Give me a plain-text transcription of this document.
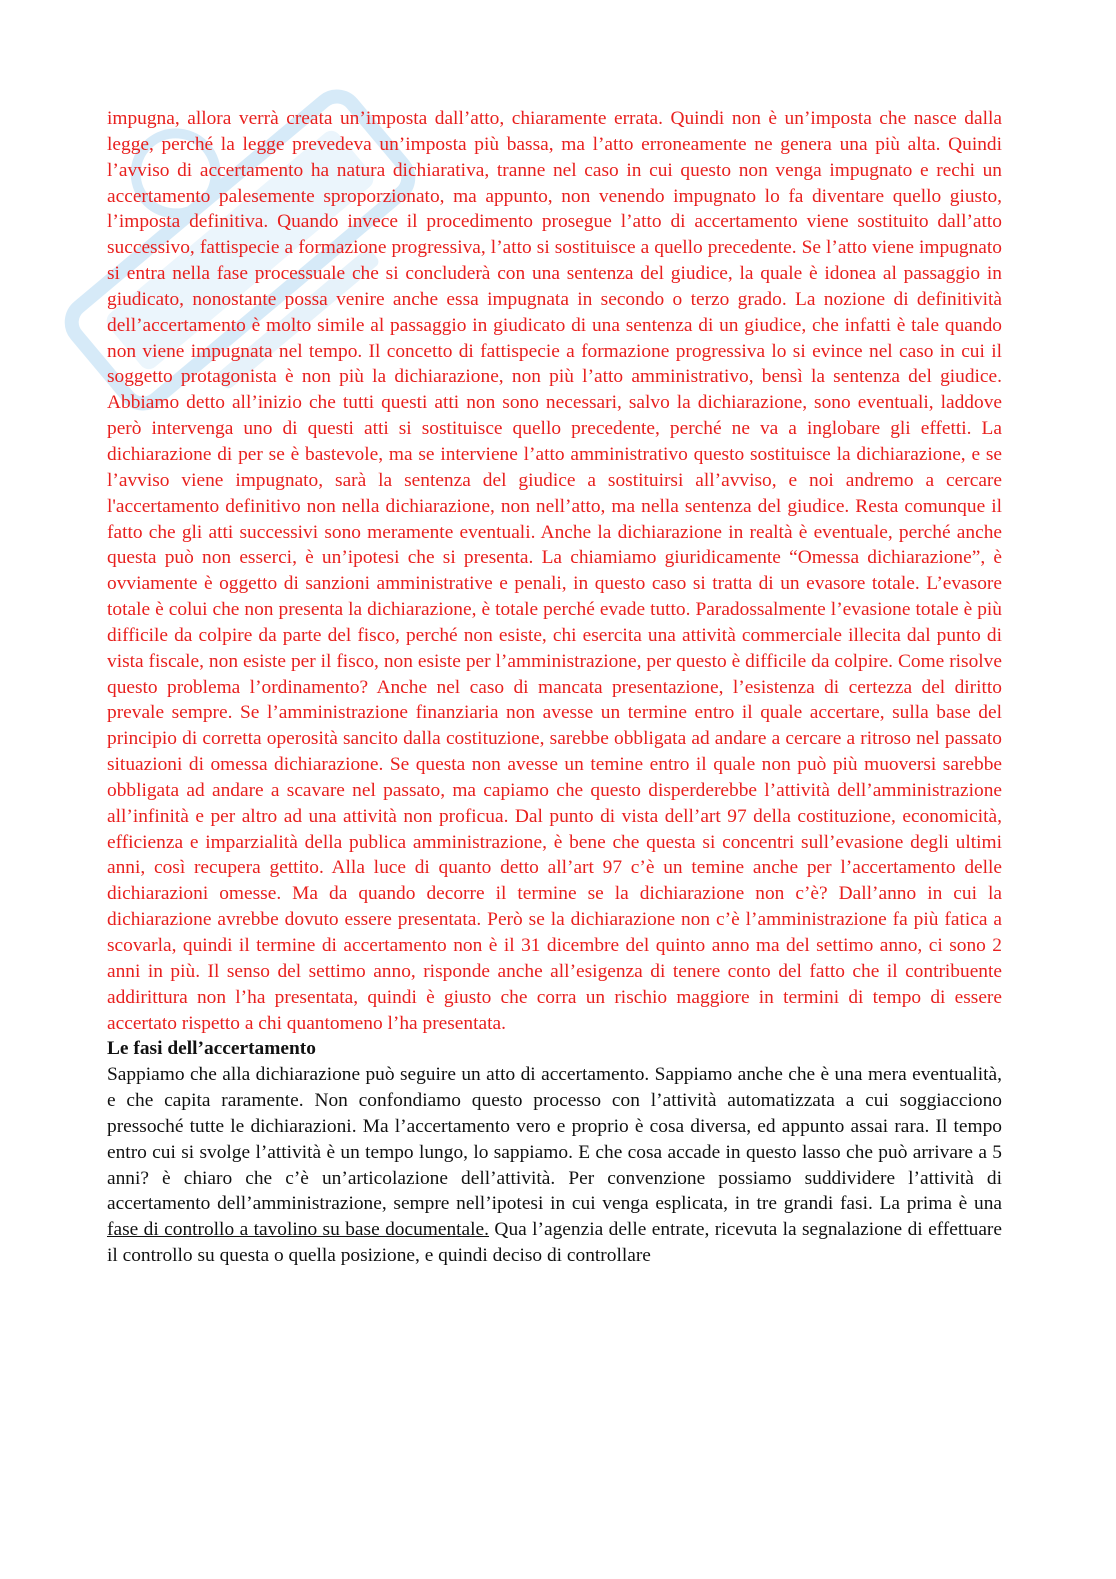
impugna, allora verrà creata un’imposta dall’atto, chiaramente errata. Quindi non è un’imposta che nasce dalla legge, perché la legge prevedeva un’imposta più bassa, ma l’atto erroneamente ne genera una più alta. Quindi l’avviso di accertamento ha natura dichiarativa, tranne nel caso in cui questo non venga impugnato e rechi un accertamento palesemente sproporzionato, ma appunto, non venendo impugnato lo fa diventare quello giusto, l’imposta definitiva. Quando invece il procedimento prosegue l’atto di accertamento viene sostituito dall’atto successivo, fattispecie a formazione progressiva, l’atto si sostituisce a quello precedente. Se l’atto viene impugnato si entra nella fase processuale che si concluderà con una sentenza del giudice, la quale è idonea al passaggio in giudicato, nonostante possa venire anche essa impugnata in secondo o terzo grado. La nozione di definitività dell’accertamento è molto simile al passaggio in giudicato di una sentenza di un giudice, che infatti è tale quando non viene impugnata nel tempo. Il concetto di fattispecie a formazione progressiva lo si evince nel caso in cui il soggetto protagonista è non più la dichiarazione, non più l’atto amministrativo, bensì la sentenza del giudice. Abbiamo detto all’inizio che tutti questi atti non sono necessari, salvo la dichiarazione, sono eventuali, laddove però intervenga uno di questi atti si sostituisce quello precedente, perché ne va a inglobare gli effetti. La dichiarazione di per se è bastevole, ma se interviene l’atto amministrativo questo sostituisce la dichiarazione, e se l’avviso viene impugnato, sarà la sentenza del giudice a sostituirsi all’avviso, e noi andremo a cercare l'accertamento definitivo non nella dichiarazione, non nell’atto, ma nella sentenza del giudice. Resta comunque il fatto che gli atti successivi sono meramente eventuali. Anche la dichiarazione in realtà è eventuale, perché anche questa può non esserci, è un’ipotesi che si presenta. La chiamiamo giuridicamente “Omessa dichiarazione”, è ovviamente è oggetto di sanzioni amministrative e penali, in questo caso si tratta di un evasore totale. L’evasore totale è colui che non presenta la dichiarazione, è totale perché evade tutto. Paradossalmente l’evasione totale è più difficile da colpire da parte del fisco, perché non esiste, chi esercita una attività commerciale illecita dal punto di vista fiscale, non esiste per il fisco, non esiste per l’amministrazione, per questo è difficile da colpire. Come risolve questo problema l’ordinamento? Anche nel caso di mancata presentazione, l’esistenza di certezza del diritto prevale sempre. Se l’amministrazione finanziaria non avesse un termine entro il quale accertare, sulla base del principio di corretta operosità sancito dalla costituzione, sarebbe obbligata ad andare a cercare a ritroso nel passato situazioni di omessa dichiarazione. Se questa non avesse un temine entro il quale non può più muoversi sarebbe obbligata ad andare a scavare nel passato, ma capiamo che questo disperderebbe l’attività dell’amministrazione all’infinità e per altro ad una attività non proficua. Dal punto di vista dell’art 97 della costituzione, economicità, efficienza e imparzialità della publica amministrazione, è bene che questa si concentri sull’evasione degli ultimi anni, così recupera gettito. Alla luce di quanto detto all’art 97 c’è un temine anche per l’accertamento delle dichiarazioni omesse. Ma da quando decorre il termine se la dichiarazione non c’è? Dall’anno in cui la dichiarazione avrebbe dovuto essere presentata. Però se la dichiarazione non c’è l’amministrazione fa più fatica a scovarla, quindi il termine di accertamento non è il 31 dicembre del quinto anno ma del settimo anno, ci sono 2 anni in più. Il senso del settimo anno, risponde anche all’esigenza di tenere conto del fatto che il contribuente addirittura non l’ha presentata, quindi è giusto che corra un rischio maggiore in termini di tempo di essere accertato rispetto a chi quantomeno l’ha presentata.

Le fasi dell’accertamento

Sappiamo che alla dichiarazione può seguire un atto di accertamento. Sappiamo anche che è una mera eventualità, e che capita raramente. Non confondiamo questo processo con l’attività automatizzata a cui soggiacciono pressoché tutte le dichiarazioni. Ma l’accertamento vero e proprio è cosa diversa, ed appunto assai rara. Il tempo entro cui si svolge l’attività è un tempo lungo, lo sappiamo. E che cosa accade in questo lasso che può arrivare a 5 anni? è chiaro che c’è un’articolazione dell’attività. Per convenzione possiamo suddividere l’attività di accertamento dell’amministrazione, sempre nell’ipotesi in cui venga esplicata, in tre grandi fasi. La prima è una fase di controllo a tavolino su base documentale. Qua l’agenzia delle entrate, ricevuta la segnalazione di effettuare il controllo su questa o quella posizione, e quindi deciso di controllare
